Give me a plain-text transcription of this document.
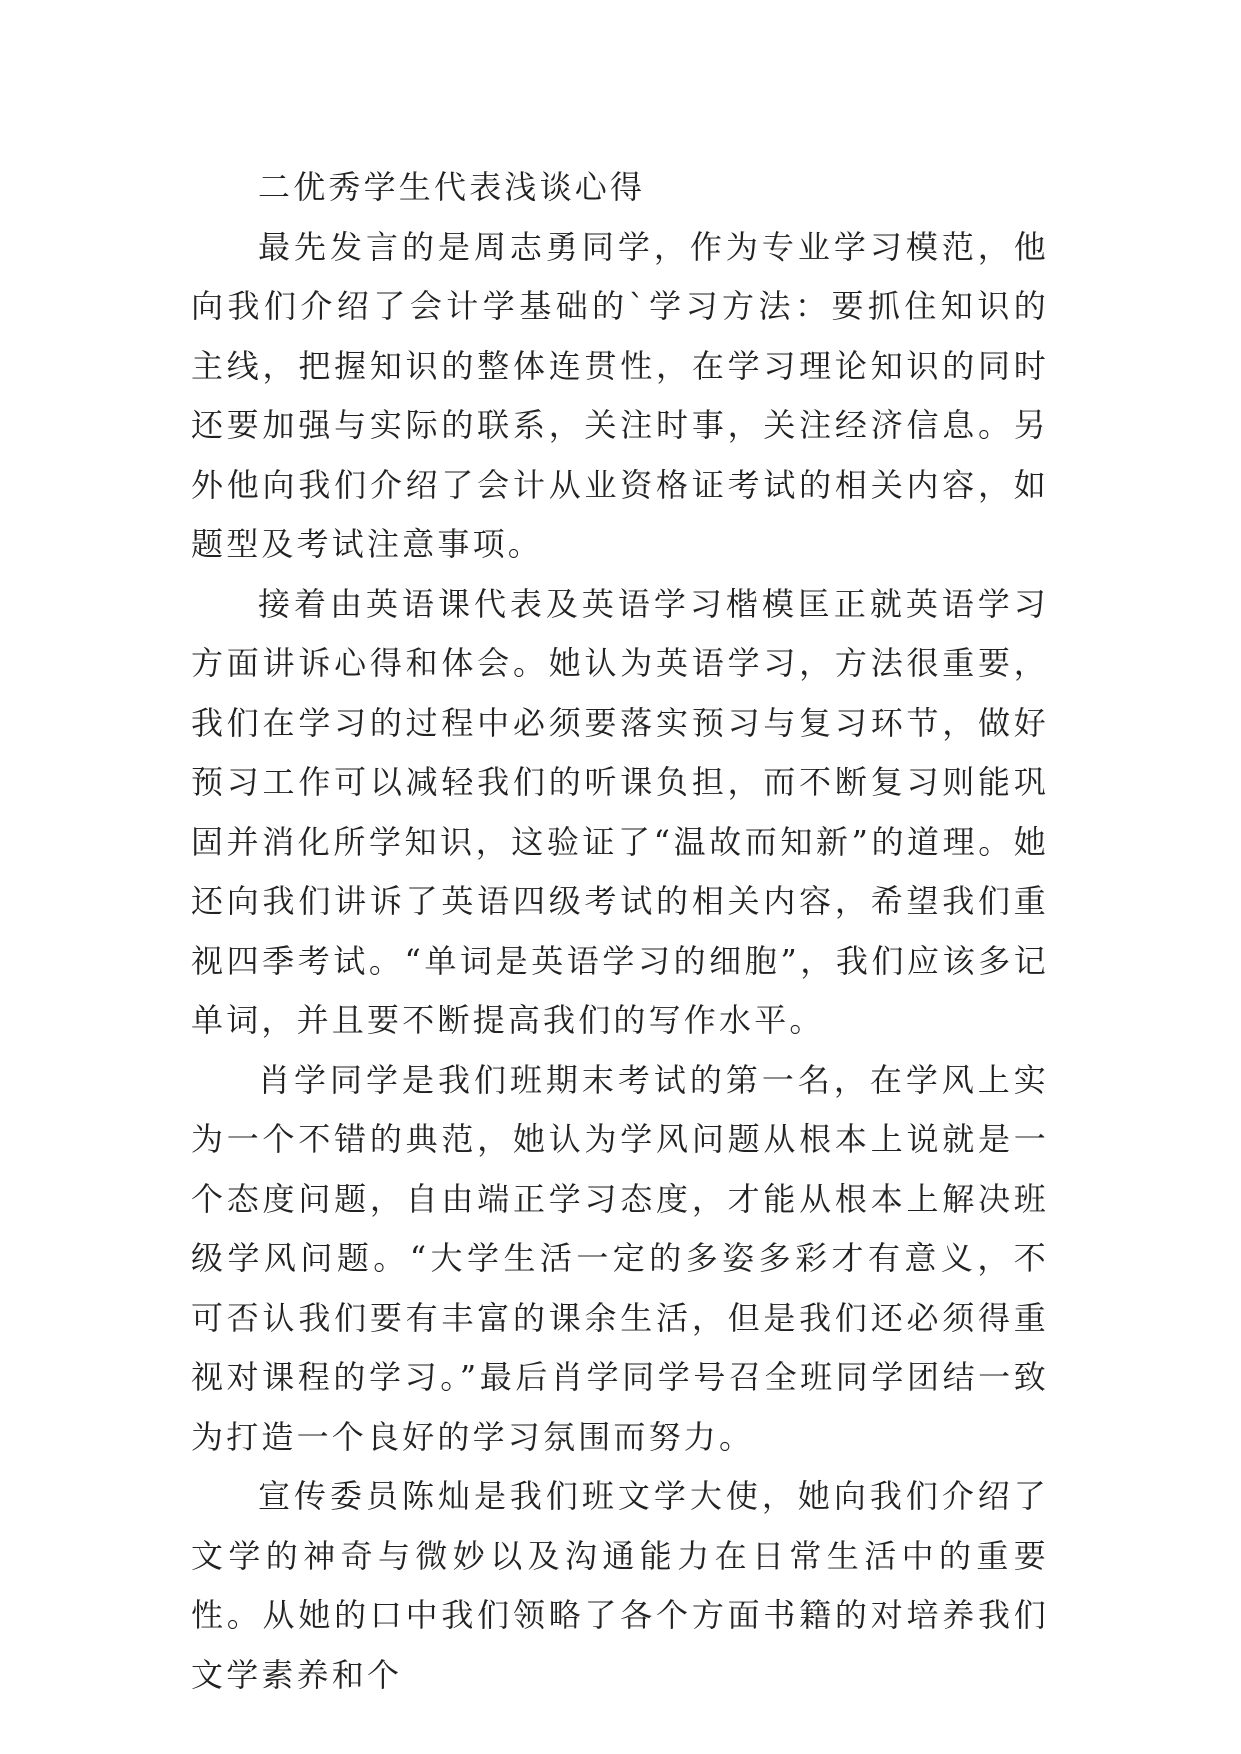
二优秀学生代表浅谈心得

最先发言的是周志勇同学，作为专业学习模范，他向我们介绍了会计学基础的`学习方法：要抓住知识的主线，把握知识的整体连贯性，在学习理论知识的同时还要加强与实际的联系，关注时事，关注经济信息。另外他向我们介绍了会计从业资格证考试的相关内容，如题型及考试注意事项。

接着由英语课代表及英语学习楷模匡正就英语学习方面讲诉心得和体会。她认为英语学习，方法很重要，我们在学习的过程中必须要落实预习与复习环节，做好预习工作可以减轻我们的听课负担，而不断复习则能巩固并消化所学知识，这验证了“温故而知新”的道理。她还向我们讲诉了英语四级考试的相关内容，希望我们重视四季考试。“单词是英语学习的细胞”，我们应该多记单词，并且要不断提高我们的写作水平。

肖学同学是我们班期末考试的第一名，在学风上实为一个不错的典范，她认为学风问题从根本上说就是一个态度问题，自由端正学习态度，才能从根本上解决班级学风问题。“大学生活一定的多姿多彩才有意义，不可否认我们要有丰富的课余生活，但是我们还必须得重视对课程的学习。”最后肖学同学号召全班同学团结一致为打造一个良好的学习氛围而努力。

宣传委员陈灿是我们班文学大使，她向我们介绍了文学的神奇与微妙以及沟通能力在日常生活中的重要性。从她的口中我们领略了各个方面书籍的对培养我们文学素养和个
